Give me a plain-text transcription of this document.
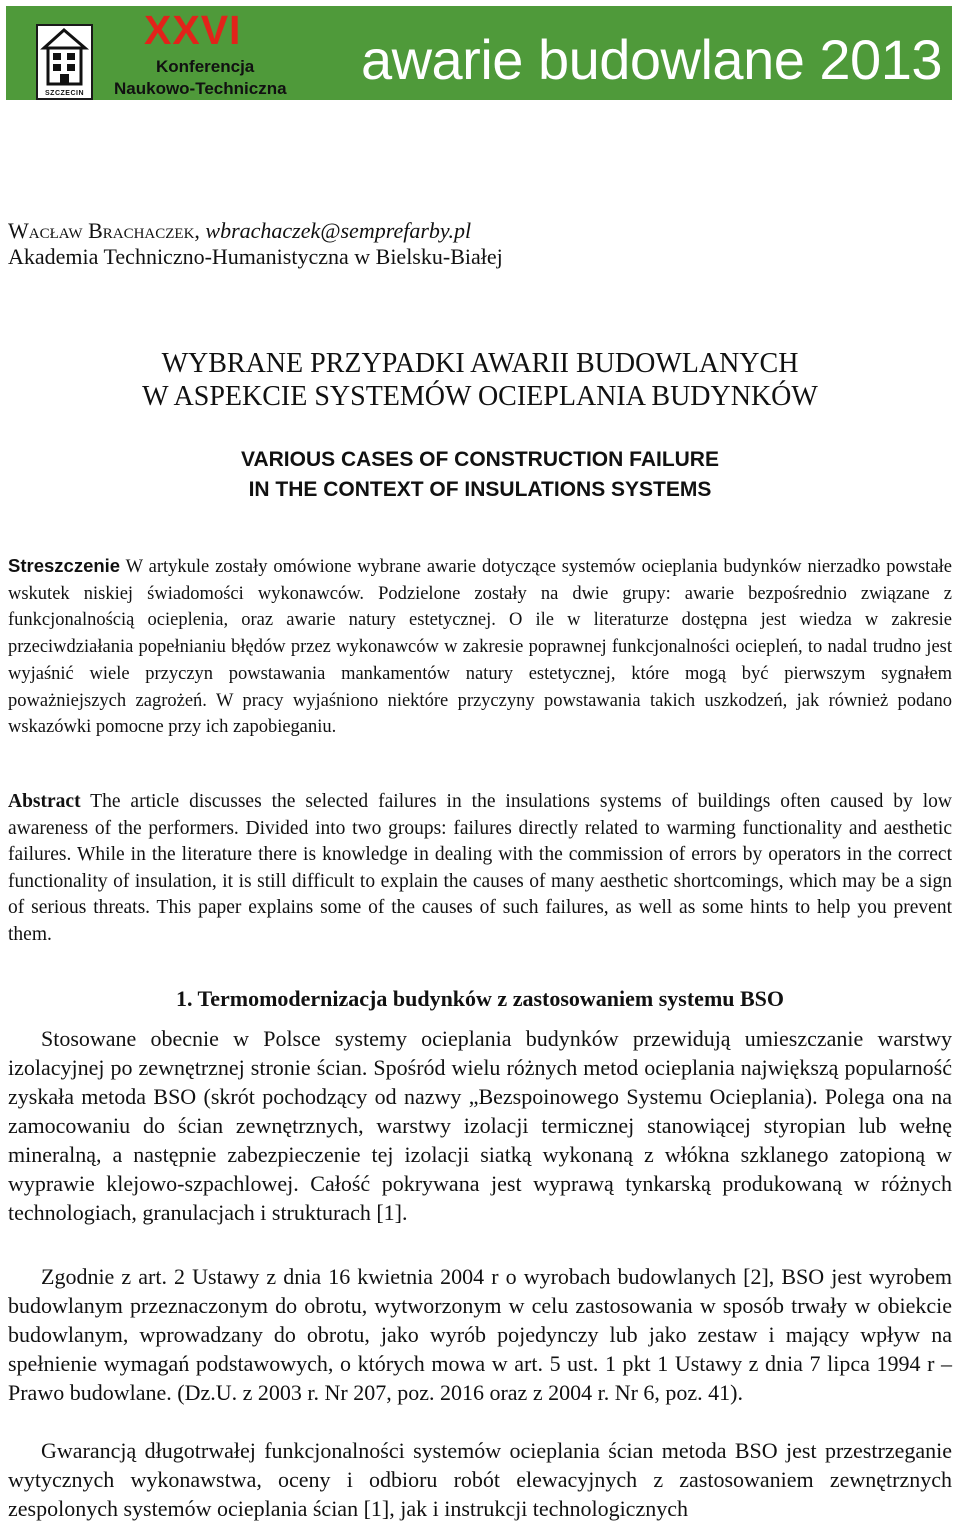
SZCZECIN
XXVI
Konferencja
Naukowo-Techniczna awarie budowlane 2013
Wacław Brachaczek, wbrachaczek@semprefarby.pl
Akademia Techniczno-Humanistyczna w Bielsku-Białej
WYBRANE PRZYPADKI AWARII BUDOWLANYCH
W ASPEKCIE SYSTEMÓW OCIEPLANIA BUDYNKÓW
VARIOUS CASES OF CONSTRUCTION FAILURE
IN THE CONTEXT OF INSULATIONS SYSTEMS

Streszczenie W artykule zostały omówione wybrane awarie dotyczące systemów ocieplania budynków nierzadko powstałe wskutek niskiej świadomości wykonawców. Podzielone zostały na dwie grupy: awarie bezpośrednio związane z funkcjonalnością ocieplenia, oraz awarie natury estetycznej. O ile w literaturze dostępna jest wiedza w zakresie przeciwdziałania popełnianiu błędów przez wykonawców w zakresie poprawnej funkcjonalności ociepleń, to nadal trudno jest wyjaśnić wiele przyczyn powstawania mankamentów natury estetycznej, które mogą być pierwszym sygnałem poważniejszych zagrożeń. W pracy wyjaśniono niektóre przyczyny powstawania takich uszkodzeń, jak również podano wskazówki pomocne przy ich zapobieganiu.

Abstract The article discusses the selected failures in the insulations systems of buildings often caused by low awareness of the performers. Divided into two groups: failures directly related to warming functionality and aesthetic failures. While in the literature there is knowledge in dealing with the commission of errors by operators in the correct functionality of insulation, it is still difficult to explain the causes of many aesthetic shortcomings, which may be a sign of serious threats. This paper explains some of the causes of such failures, as well as some hints to help you prevent them.

1. Termomodernizacja budynków z zastosowaniem systemu BSO

Stosowane obecnie w Polsce systemy ocieplania budynków przewidują umieszczanie warstwy izolacyjnej po zewnętrznej stronie ścian. Spośród wielu różnych metod ocieplania największą popularność zyskała metoda BSO (skrót pochodzący od nazwy „Bezspoinowego Systemu Ocieplania). Polega ona na zamocowaniu do ścian zewnętrznych, warstwy izolacji termicznej stanowiącej styropian lub wełnę mineralną, a następnie zabezpieczenie tej izolacji siatką wykonaną z włókna szklanego zatopioną w wyprawie klejowo-szpachlowej. Całość pokrywana jest wyprawą tynkarską produkowaną w różnych technologiach, granulacjach i strukturach [1].

Zgodnie z art. 2 Ustawy z dnia 16 kwietnia 2004 r o wyrobach budowlanych [2], BSO jest wyrobem budowlanym przeznaczonym do obrotu, wytworzonym w celu zastosowania w sposób trwały w obiekcie budowlanym, wprowadzany do obrotu, jako wyrób pojedynczy lub jako zestaw i mający wpływ na spełnienie wymagań podstawowych, o których mowa w art. 5 ust. 1 pkt 1 Ustawy z dnia 7 lipca 1994 r – Prawo budowlane. (Dz.U. z 2003 r. Nr 207, poz. 2016 oraz z 2004 r. Nr 6, poz. 41).

Gwarancją długotrwałej funkcjonalności systemów ocieplania ścian metoda BSO jest przestrzeganie wytycznych wykonawstwa, oceny i odbioru robót elewacyjnych z zastosowaniem zewnętrznych zespolonych systemów ocieplania ścian [1], jak i instrukcji technologicznych
